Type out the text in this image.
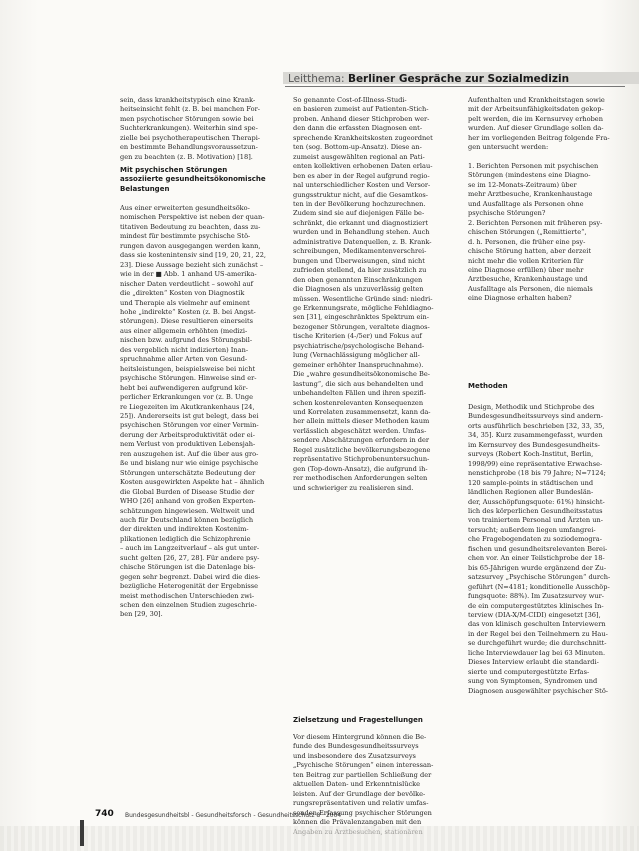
Leitthema: Berliner Gespräche zur Sozialmedizin

sein, dass krankheitstypisch eine Krank-

heitseinsicht fehlt (z. B. bei manchen For-

men psychotischer Störungen sowie bei

Suchterkrankungen). Weiterhin sind spe-

zielle bei psychotherapeutischen Therapi-

en bestimmte Behandlungsvoraussetzun-

gen zu beachten (z. B. Motivation) [18].

Mit psychischen Störungen

assoziierte gesundheitsökonomische

Belastungen

Aus einer erweiterten gesundheitsöko-

nomischen Perspektive ist neben der quan-

titativen Bedeutung zu beachten, dass zu-

mindest für bestimmte psychische Stö-

rungen davon ausgegangen werden kann,

dass sie kostenintensiv sind [19, 20, 21, 22,

23]. Diese Aussage bezieht sich zunächst –

wie in der ■ Abb. 1 anhand US-amerika-

nischer Daten verdeutlicht – sowohl auf

die „direkten“ Kosten von Diagnostik

und Therapie als vielmehr auf eminent

hohe „indirekte“ Kosten (z. B. bei Angst-

störungen). Diese resultieren einerseits

aus einer allgemein erhöhten (medizi-

nischen bzw. aufgrund des Störungsbil-

des vergeblich nicht indizierten) Inan-

spruchnahme aller Arten von Gesund-

heitsleistungen, beispielsweise bei nicht

psychische Störungen. Hinweise sind er-

hebt bei aufwendigeren aufgrund kör-

perlicher Erkrankungen vor (z. B. Unge

re Liegezeiten im Akutkrankenhaus [24,

25]). Andererseits ist gut belegt, dass bei

psychischen Störungen vor einer Vermin-

derung der Arbeitsproduktivität oder ei-

nem Verlust von produktiven Lebensjah-

ren auszugehen ist. Auf die über aus gro-

ße und bislang nur wie einige psychische

Störungen unterschätzte Bedeutung der

Kosten ausgewirkten Aspekte hat – ähnlich

die Global Burden of Disease Studie der

WHO [26] anhand von großen Experten-

schätzungen hingewiesen. Weltweit und

auch für Deutschland können bezüglich

der direkten und indirekten Kostenim-

plikationen lediglich die Schizophrenie

– auch im Langzeitverlauf – als gut unter-

sucht gelten [26, 27, 28]. Für andere psy-

chische Störungen ist die Datenlage bis-

gegen sehr begrenzt. Dabei wird die dies-

bezügliche Heterogenität der Ergebnisse

meist methodischen Unterschieden zwi-

schen den einzelnen Studien zugeschrie-

ben [29, 30].

So genannte Cost-of-Illness-Studi-

en basieren zumeist auf Patienten-Stich-

proben. Anhand dieser Stichproben wer-

den dann die erfassten Diagnosen ent-

sprechende Krankheitskosten zugeordnet

ten (sog. Bottom-up-Ansatz). Diese an-

zumeist ausgewählten regional an Pati-

enten kollektiven erhobenen Daten erlau-

ben es aber in der Regel aufgrund regio-

nal unterschiedlicher Kosten und Versor-

gungsstruktur nicht, auf die Gesamtkos-

ten in der Bevölkerung hochzurechnen.

Zudem sind sie auf diejenigen Fälle be-

schränkt, die erkannt und diagnostiziert

wurden und in Behandlung stehen. Auch

administrative Datenquellen, z. B. Krank-

schreibungen, Medikamentenverschrei-

bungen und Überweisungen, sind nicht

zufrieden stellend, da hier zusätzlich zu

den oben genannten Einschränkungen

die Diagnosen als unzuverlässig gelten

müssen. Wesentliche Gründe sind: niedri-

ge Erkennungsrate, mögliche Fehldiagno-

sen [31], eingeschränktes Spektrum ein-

bezogener Störungen, veraltete diagnos-

tische Kriterien (4-/5er) und Fokus auf

psychiatrische/psychologische Behand-

lung (Vernachlässigung möglicher all-

gemeiner erhöhter Inanspruchnahme).

Die „wahre gesundheitsökonomische Be-

lastung“, die sich aus behandelten und

unbehandelten Fällen und ihren spezifi-

schen kostenrelevanten Konsequenzen

und Korrelaten zusammensetzt, kann da-

her allein mittels dieser Methoden kaum

verlässlich abgeschätzt werden. Umfas-

sendere Abschätzungen erfordern in der

Regel zusätzliche bevölkerungsbezogene

repräsentative Stichprobenuntersuchun-

gen (Top-down-Ansatz), die aufgrund ih-

rer methodischen Anforderungen selten

und schwieriger zu realisieren sind.

Zielsetzung und Fragestellungen

Vor diesem Hintergrund können die Be-

funde des Bundesgesundheitssurveys

und insbesondere des Zusatzsurveys

„Psychische Störungen“ einen interessan-

ten Beitrag zur partiellen Schließung der

aktuellen Daten- und Erkenntnislücke

leisten. Auf der Grundlage der bevölke-

rungsrepräsentativen und relativ umfas-

senden Erfassung psychischer Störungen

können die Prävalenzangaben mit den

Aufenthalten und Krankheitstagen sowie

mit der Arbeitsunfähigkeitsdaten gekop-

pelt werden, die im Kernsurvey erhoben

wurden. Auf dieser Grundlage sollen da-

her im vorliegenden Beitrag folgende Fra-

gen untersucht werden:

1. Berichten Personen mit psychischen

Störungen (mindestens eine Diagno-

se im 12-Monats-Zeitraum) über

mehr Arztbesuche, Krankenhaustage

und Ausfalltage als Personen ohne

psychische Störungen?

2. Berichten Personen mit früheren psy-

chischen Störungen („Remittierte“,

d. h. Personen, die früher eine psy-

chische Störung hatten, aber derzeit

nicht mehr die vollen Kriterien für

eine Diagnose erfüllen) über mehr

Arztbesuche, Krankenhaustage und

Ausfalltage als Personen, die niemals

eine Diagnose erhalten haben?

Methoden

Design, Methodik und Stichprobe des

Bundesgesundheitssurveys sind andern-

orts ausführlich beschrieben [32, 33, 35,

34, 35]. Kurz zusammengefasst, wurden

im Kernsurvey des Bundesgesundheits-

surveys (Robert Koch-Institut, Berlin,

1998/99) eine repräsentative Erwachse-

nenstichprobe (18 bis 79 Jahre; N=7124;

120 sample-points in städtischen und

ländlichen Regionen aller Bundeslän-

der, Ausschöpfungsquote: 61%) hinsicht-

lich des körperlichen Gesundheitsstatus

von trainiertem Personal und Ärzten un-

tersucht; außerdem liegen umfangrei-

che Fragebogendaten zu soziodemogra-

fischen und gesundheitsrelevanten Berei-

chen vor. An einer Teilstichprobe der 18-

bis 65-Jährigen wurde ergänzend der Zu-

satzsurvey „Psychische Störungen“ durch-

geführt (N=4181; konditionelle Ausschöp-

fungsquote: 88%). Im Zusatzsurvey wur-

de ein computergestütztes klinisches In-

terview (DIA-X/M-CIDI) eingesetzt [36],

das von klinisch geschulten Interviewern

in der Regel bei den Teilnehmern zu Hau-

se durchgeführt wurde; die durchschnitt-

liche Interviewdauer lag bei 63 Minuten.

Dieses Interview erlaubt die standardi-

sierte und computergestützte Erfas-

sung von Symptomen, Syndromen und

Diagnosen ausgewählter psychischer Stö-

740 Bundesgesundheitsbl - Gesundheitsforsch - Gesundheitsschutz 8 · 2004
